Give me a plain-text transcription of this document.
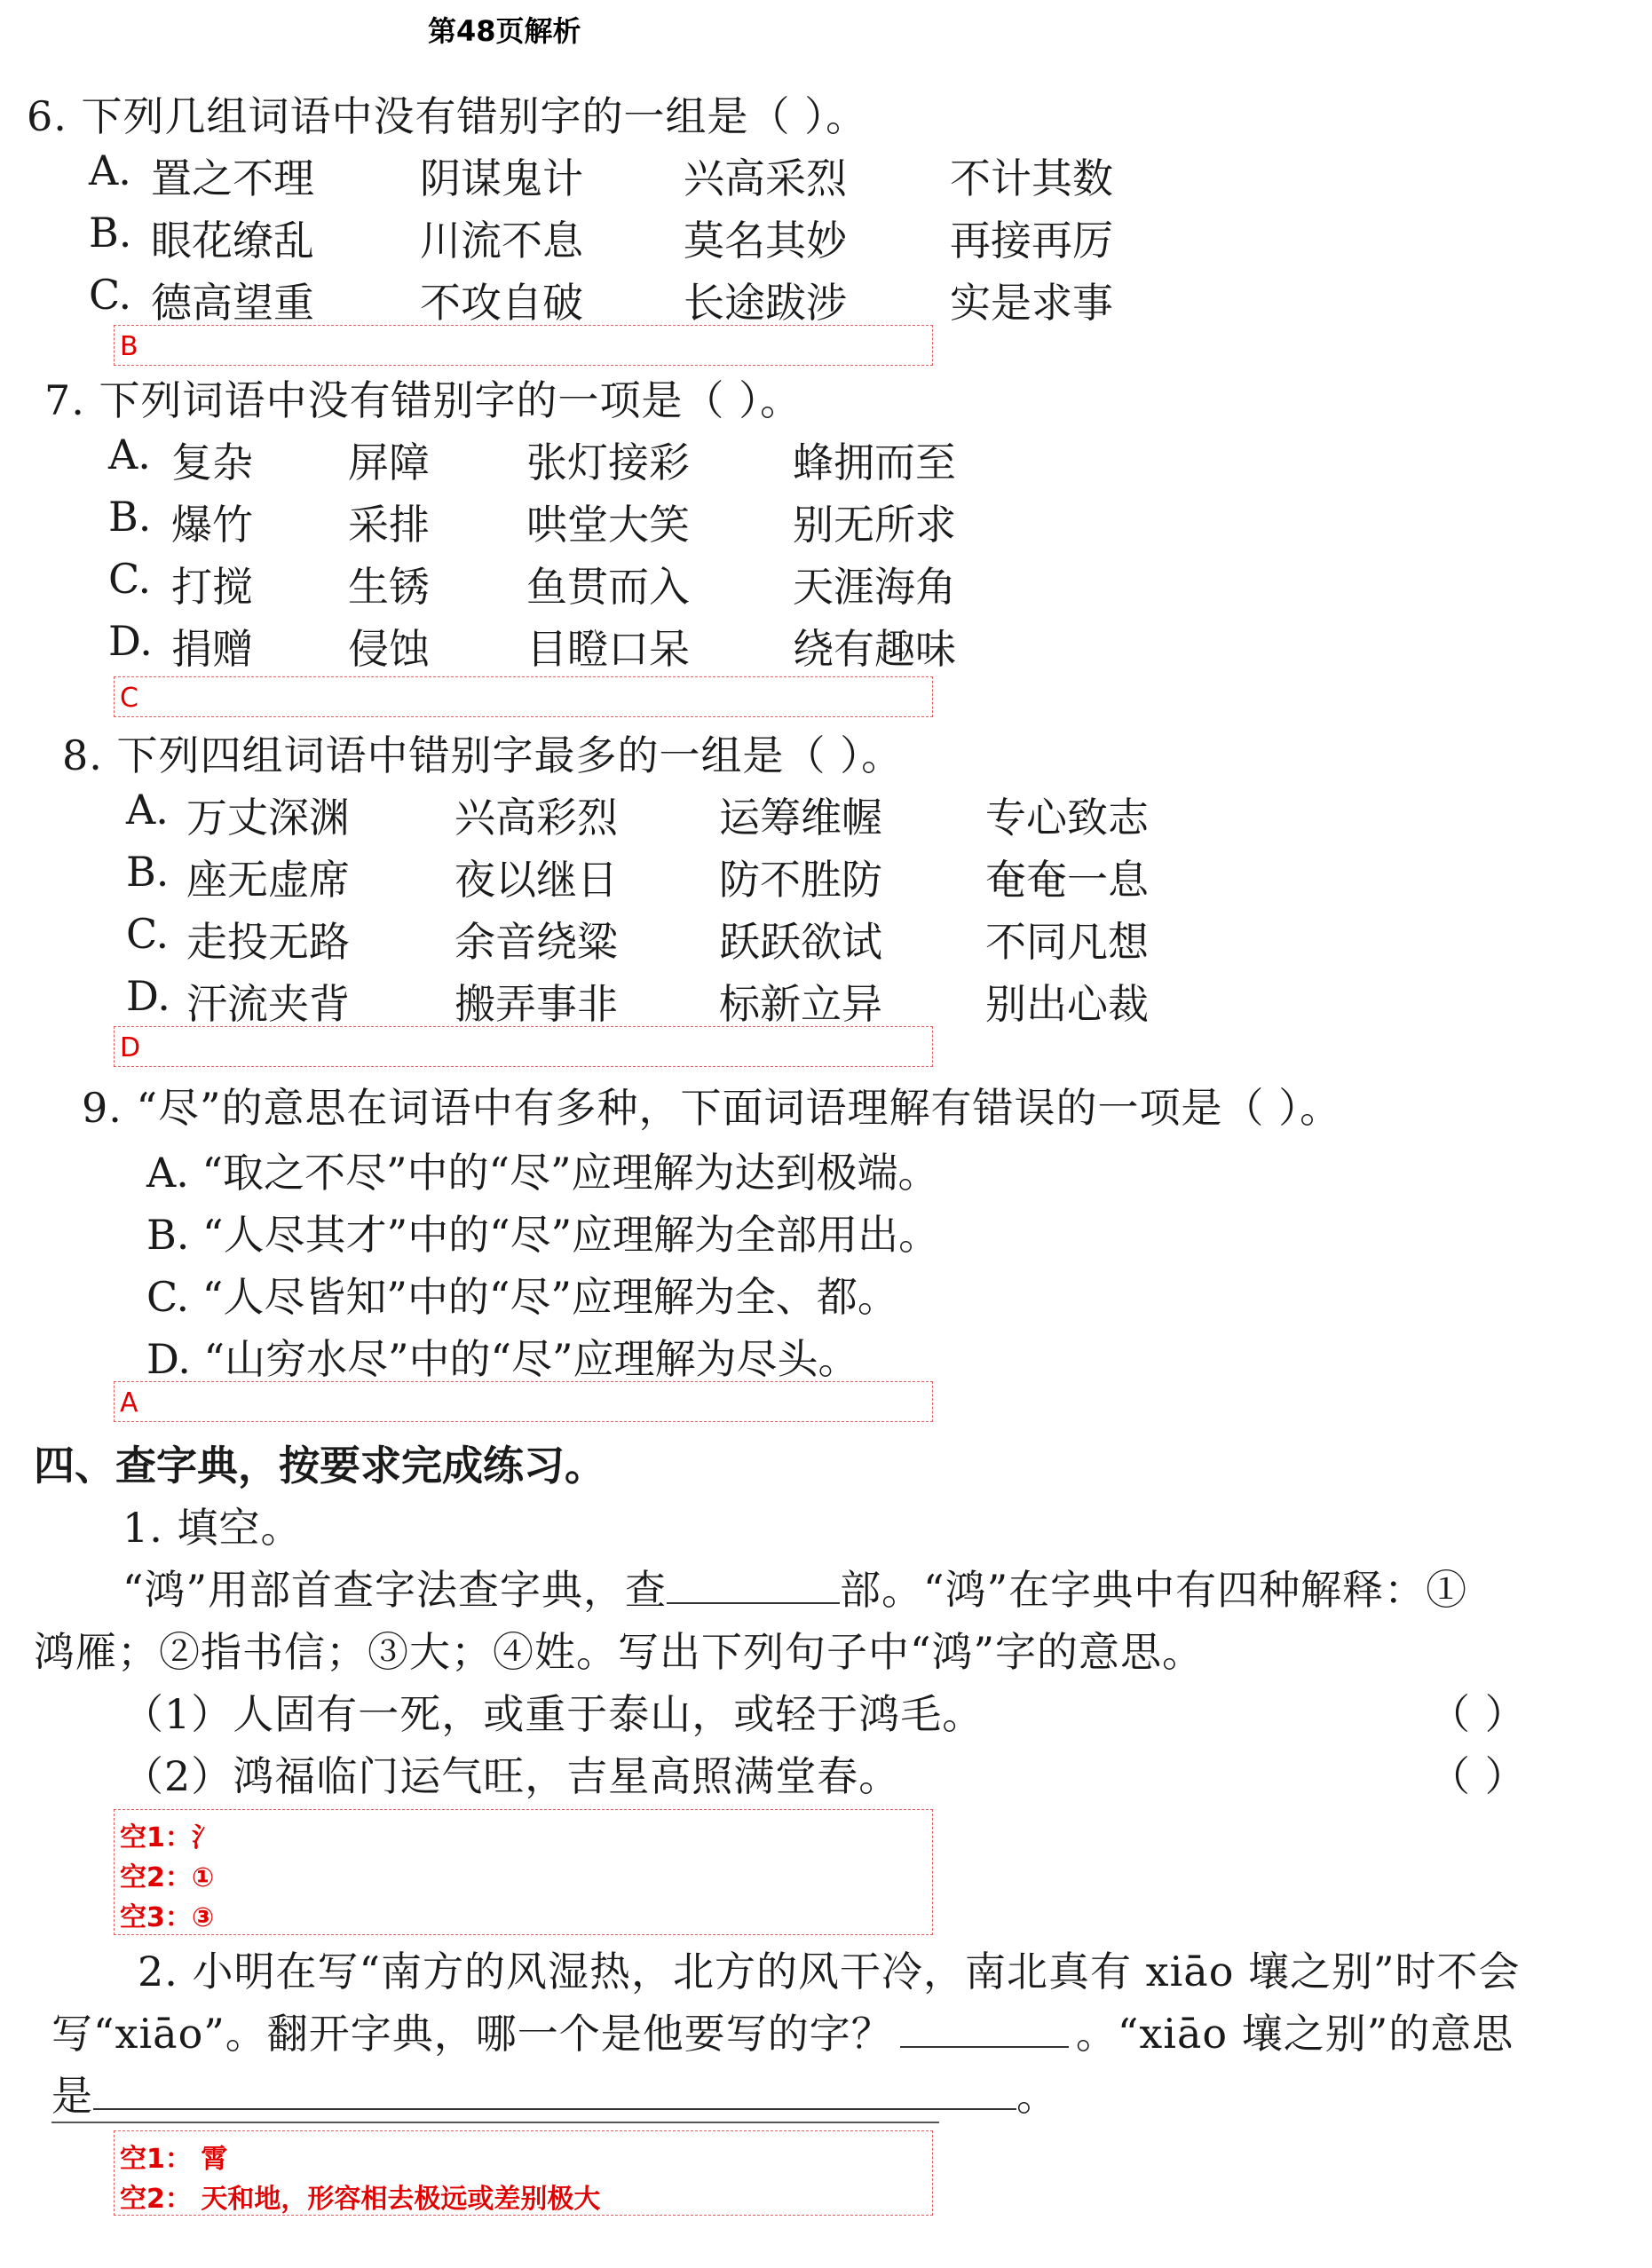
第48页解析
6. 下列几组词语中没有错别字的一组是（ ）。
A. 置之不理	阴谋鬼计 兴高采烈	不计其数
B. 眼花缭乱	川流不息 莫名其妙	再接再厉
C. 德高望重	不攻自破 长途跋涉	实是求事
B
7. 下列词语中没有错别字的一项是（ ）。
A. 复杂 屏障 张灯接彩	蜂拥而至
B. 爆竹 采排 哄堂大笑	别无所求
C. 打搅 生锈 鱼贯而入	天涯海角
D. 捐赠 侵蚀 目瞪口呆	绕有趣味
C
8. 下列四组词语中错别字最多的一组是（ ）。
A. 万丈深渊	兴高彩烈 运筹维幄	专心致志
B. 座无虚席	夜以继日 防不胜防	奄奄一息
C. 走投无路	余音绕粱 跃跃欲试	不同凡想
D. 汗流夹背	搬弄事非 标新立异	别出心裁
D
9. “尽”的意思在词语中有多种，下面词语理解有错误的一项是（ ）。
A. “取之不尽”中的“尽”应理解为达到极端。
B. “人尽其才”中的“尽”应理解为全部用出。
C. “人尽皆知”中的“尽”应理解为全、都。
D. “山穷水尽”中的“尽”应理解为尽头。
A
四、查字典，按要求完成练习。
1. 填空。
“鸿”用部首查字法查字典，查	部。“鸿”在字典中有四种解释：①
鸿雁；②指书信；③大；④姓。写出下列句子中“鸿”字的意思。
（1）人固有一死，或重于泰山，或轻于鸿毛。	（ ）
（2）鸿福临门运气旺，吉星高照满堂春。	（ ）
空1：氵
空2：①
空3：③
2. 小明在写“南方的风湿热，北方的风干冷，南北真有 xiāo 壤之别”时不会
写“xiāo”。翻开字典，哪一个是他要写的字？	。“xiāo 壤之别”的意思
是	。
空1： 霄
空2： 天和地，形容相去极远或差别极大
